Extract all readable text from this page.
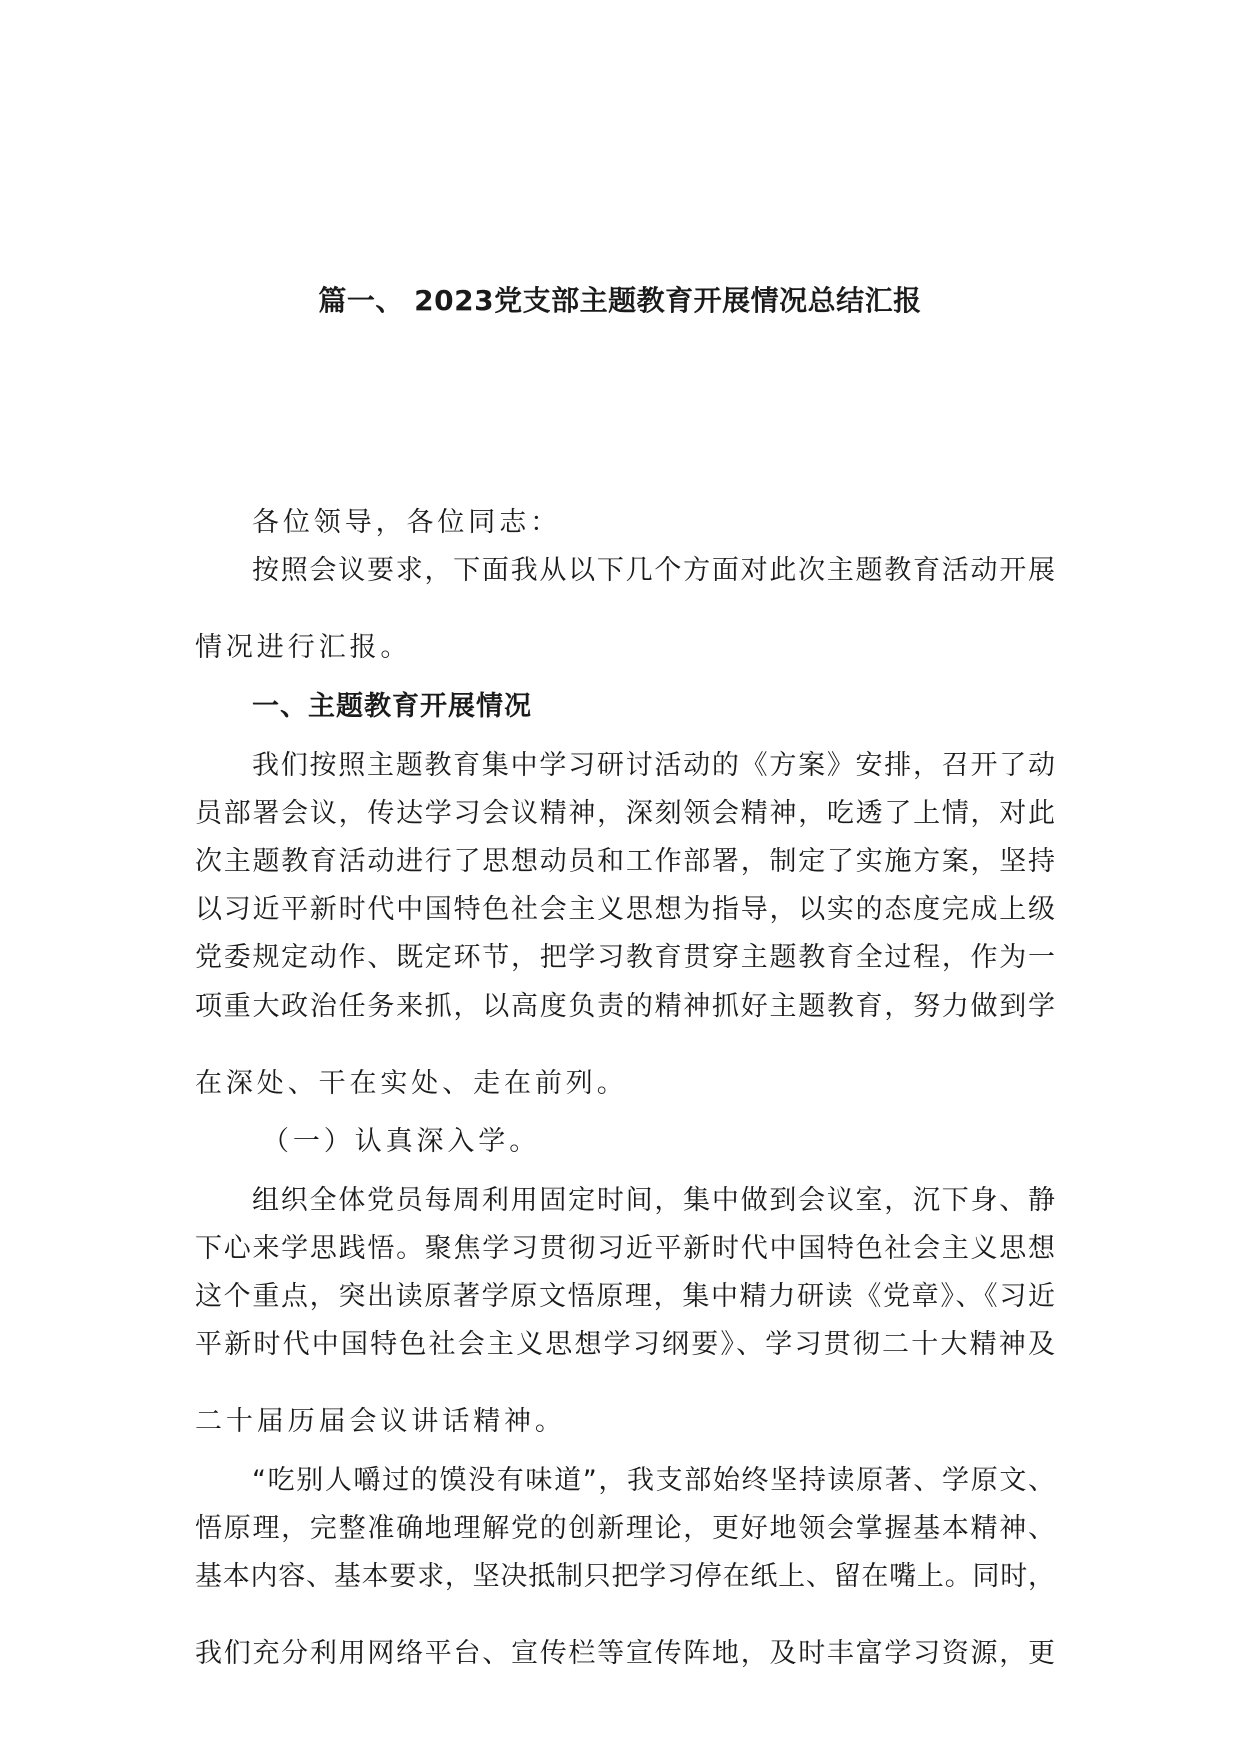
篇一、 2023党支部主题教育开展情况总结汇报
各位领导，各位同志：
按照会议要求，下面我从以下几个方面对此次主题教育活动开展
情况进行汇报。
一、主题教育开展情况
我们按照主题教育集中学习研讨活动的《方案》安排，召开了动
员部署会议，传达学习会议精神，深刻领会精神，吃透了上情，对此
次主题教育活动进行了思想动员和工作部署，制定了实施方案，坚持
以习近平新时代中国特色社会主义思想为指导，以实的态度完成上级
党委规定动作、既定环节，把学习教育贯穿主题教育全过程，作为一
项重大政治任务来抓，以高度负责的精神抓好主题教育，努力做到学
在深处、干在实处、走在前列。
（一）认真深入学。
组织全体党员每周利用固定时间，集中做到会议室，沉下身、静
下心来学思践悟。聚焦学习贯彻习近平新时代中国特色社会主义思想
这个重点，突出读原著学原文悟原理，集中精力研读《党章》、《习近
平新时代中国特色社会主义思想学习纲要》、学习贯彻二十大精神及
二十届历届会议讲话精神。
“吃别人嚼过的馍没有味道”，我支部始终坚持读原著、学原文、
悟原理，完整准确地理解党的创新理论，更好地领会掌握基本精神、
基本内容、基本要求，坚决抵制只把学习停在纸上、留在嘴上。同时，
我们充分利用网络平台、宣传栏等宣传阵地，及时丰富学习资源，更
